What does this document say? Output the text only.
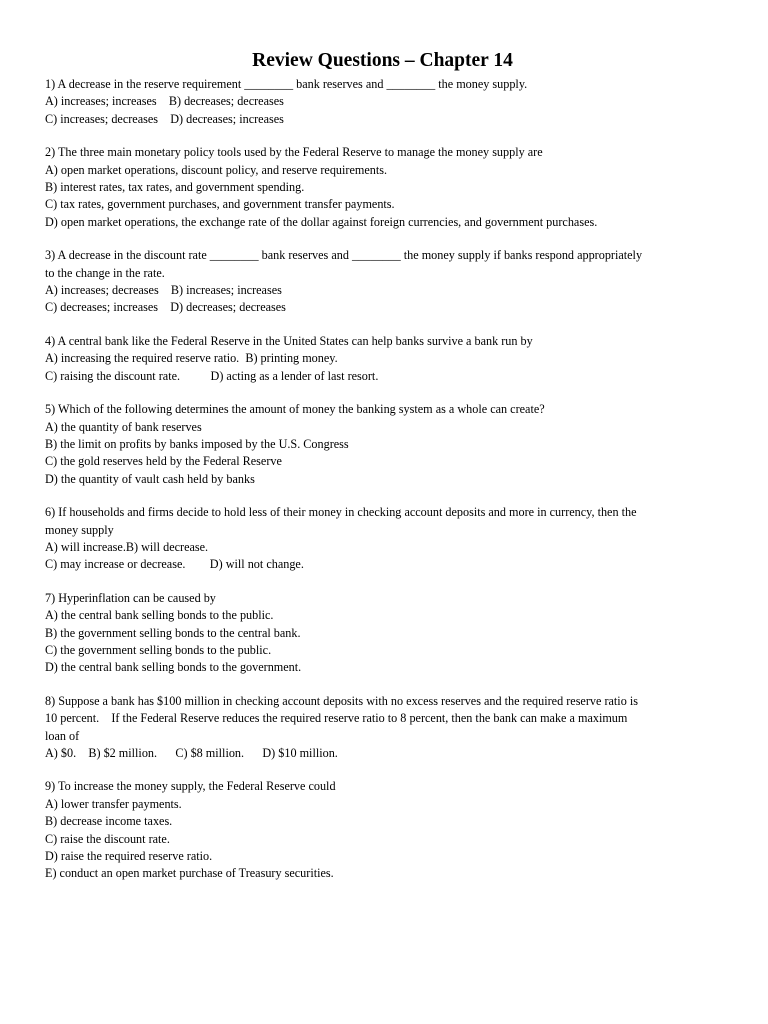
Review Questions – Chapter 14
1) A decrease in the reserve requirement ________ bank reserves and ________ the money supply.
A) increases; increases    B) decreases; decreases
C) increases; decreases    D) decreases; increases
2) The three main monetary policy tools used by the Federal Reserve to manage the money supply are
A) open market operations, discount policy, and reserve requirements.
B) interest rates, tax rates, and government spending.
C) tax rates, government purchases, and government transfer payments.
D) open market operations, the exchange rate of the dollar against foreign currencies, and government purchases.
3) A decrease in the discount rate ________ bank reserves and ________ the money supply if banks respond appropriately
to the change in the rate.
A) increases; decreases    B) increases; increases
C) decreases; increases    D) decreases; decreases
4) A central bank like the Federal Reserve in the United States can help banks survive a bank run by
A) increasing the required reserve ratio.  B) printing money.
C) raising the discount rate.          D) acting as a lender of last resort.
5) Which of the following determines the amount of money the banking system as a whole can create?
A) the quantity of bank reserves
B) the limit on profits by banks imposed by the U.S. Congress
C) the gold reserves held by the Federal Reserve
D) the quantity of vault cash held by banks
6) If households and firms decide to hold less of their money in checking account deposits and more in currency, then the
money supply
A) will increase.B) will decrease.
C) may increase or decrease.        D) will not change.
7) Hyperinflation can be caused by
A) the central bank selling bonds to the public.
B) the government selling bonds to the central bank.
C) the government selling bonds to the public.
D) the central bank selling bonds to the government.
8) Suppose a bank has $100 million in checking account deposits with no excess reserves and the required reserve ratio is
10 percent.    If the Federal Reserve reduces the required reserve ratio to 8 percent, then the bank can make a maximum
loan of
A) $0.    B) $2 million.      C) $8 million.      D) $10 million.
9) To increase the money supply, the Federal Reserve could
A) lower transfer payments.
B) decrease income taxes.
C) raise the discount rate.
D) raise the required reserve ratio.
E) conduct an open market purchase of Treasury securities.
